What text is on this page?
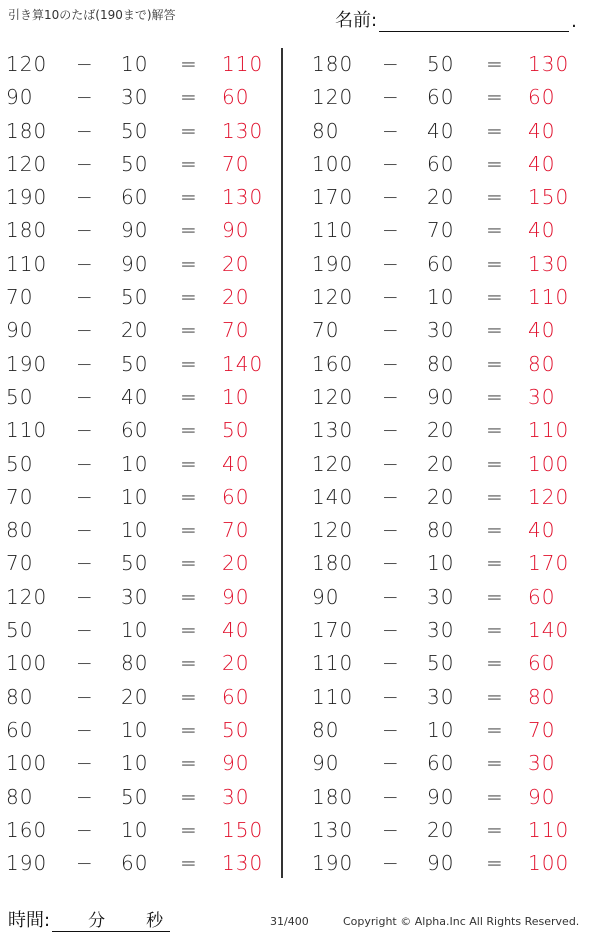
引き算10のたば(190まで)解答	名前:	.
120	− 10 = 110
90	− 30 = 60
180	− 50 = 130
120	− 50 = 70
190	− 60 = 130
180	− 90 = 90
110	− 90 = 20
70	− 50 = 20
90	− 20 = 70
190	− 50 = 140
50	− 40 = 10
110	− 60 = 50
50	− 10 = 40
70	− 10 = 60
80	− 10 = 70
70	− 50 = 20
120	− 30 = 90
50	− 10 = 40
100	− 80 = 20
80	− 20 = 60
60	− 10 = 50
100	− 10 = 90
80	− 50 = 30
160	− 10 = 150
190	− 60 = 130
180	− 50 = 130
120	− 60 = 60
80	− 40 = 40
100	− 60 = 40
170	− 20 = 150
110	− 70 = 40
190	− 60 = 130
120	− 10 = 110
70	− 30 = 40
160	− 80 = 80
120	− 90 = 30
130	− 20 = 110
120	− 20 = 100
140	− 20 = 120
120	− 80 = 40
180	− 10 = 170
90	− 30 = 60
170	− 30 = 140
110	− 50 = 60
110	− 30 = 80
80	− 10 = 70
90	− 60 = 30
180	− 90 = 90
130	− 20 = 110
190	− 90 = 100
時間: 分 秒	31/400	Copyright © Alpha.Inc All Rights Reserved.
